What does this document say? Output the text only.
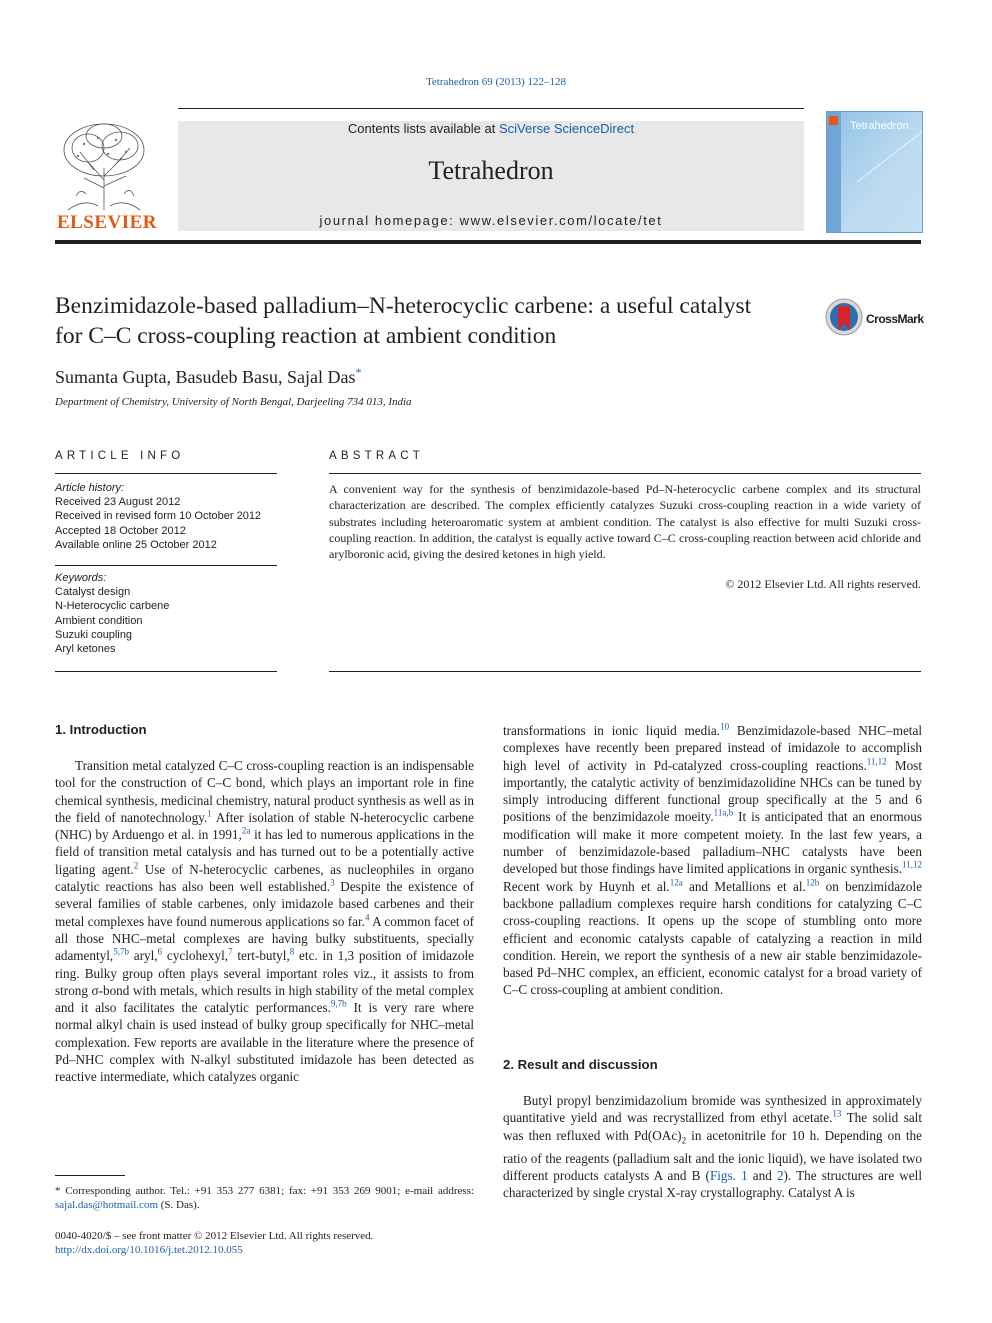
Tetrahedron 69 (2013) 122–128
ELSEVIER
Contents lists available at SciVerse ScienceDirect
Tetrahedron
journal homepage: www.elsevier.com/locate/tet
Tetrahedron
Benzimidazole-based palladium–N-heterocyclic carbene: a useful catalyst for C–C cross-coupling reaction at ambient condition
CrossMark
Sumanta Gupta, Basudeb Basu, Sajal Das*
Department of Chemistry, University of North Bengal, Darjeeling 734 013, India
ARTICLE INFO	ABSTRACT
Article history:
Received 23 August 2012
Received in revised form 10 October 2012
Accepted 18 October 2012
Available online 25 October 2012
Keywords:
Catalyst design
N-Heterocyclic carbene
Ambient condition
Suzuki coupling
Aryl ketones
A convenient way for the synthesis of benzimidazole-based Pd–N-heterocyclic carbene complex and its structural characterization are described. The complex efficiently catalyzes Suzuki cross-coupling reaction in a wide variety of substrates including heteroaromatic system at ambient condition. The catalyst is also effective for multi Suzuki cross-coupling reaction. In addition, the catalyst is equally active toward C–C cross-coupling reaction between acid chloride and arylboronic acid, giving the desired ketones in high yield.
© 2012 Elsevier Ltd. All rights reserved.
1. Introduction

Transition metal catalyzed C–C cross-coupling reaction is an indispensable tool for the construction of C–C bond, which plays an important role in fine chemical synthesis, medicinal chemistry, natural product synthesis as well as in the field of nanotechnology.$^1$ After isolation of stable N-heterocyclic carbene (NHC) by Arduengo et al. in 1991,$^{2a}$ it has led to numerous applications in the field of transition metal catalysis and has turned out to be a potentially active ligating agent.$^2$ Use of N-heterocyclic carbenes, as nucleophiles in organo catalytic reactions has also been well established.$^3$ Despite the existence of several families of stable carbenes, only imidazole based carbenes and their metal complexes have found numerous applications so far.$^4$ A common facet of all those NHC–metal complexes are having bulky substituents, specially adamentyl,$^{5,7b}$ aryl,$^6$ cyclohexyl,$^7$ tert-butyl,$^8$ etc. in 1,3 position of imidazole ring. Bulky group often plays several important roles viz., it assists to from strong σ-bond with metals, which results in high stability of the metal complex and it also facilitates the catalytic performances.$^{9,7b}$ It is very rare where normal alkyl chain is used instead of bulky group specifically for NHC–metal complexation. Few reports are available in the literature where the presence of Pd–NHC complex with N-alkyl substituted imidazole has been detected as reactive intermediate, which catalyzes organic

* Corresponding author. Tel.: +91 353 277 6381; fax: +91 353 269 9001; e-mail address: sajal.das@hotmail.com (S. Das).
0040-4020/$ – see front matter © 2012 Elsevier Ltd. All rights reserved.
http://dx.doi.org/10.1016/j.tet.2012.10.055

transformations in ionic liquid media.$^{10}$ Benzimidazole-based NHC–metal complexes have recently been prepared instead of imidazole to accomplish high level of activity in Pd-catalyzed cross-coupling reactions.$^{11,12}$ Most importantly, the catalytic activity of benzimidazolidine NHCs can be tuned by simply introducing different functional group specifically at the 5 and 6 positions of the benzimidazole moeity.$^{11a,b}$ It is anticipated that an enormous modification will make it more competent moiety. In the last few years, a number of benzimidazole-based palladium–NHC catalysts have been developed but those findings have limited applications in organic synthesis.$^{11,12}$ Recent work by Huynh et al.$^{12a}$ and Metallions et al.$^{12b}$ on benzimidazole backbone palladium complexes require harsh conditions for catalyzing C–C cross-coupling reactions. It opens up the scope of stumbling onto more efficient and economic catalysts capable of catalyzing a reaction in mild condition. Herein, we report the synthesis of a new air stable benzimidazole-based Pd–NHC complex, an efficient, economic catalyst for a broad variety of C–C cross-coupling at ambient condition.

2. Result and discussion

Butyl propyl benzimidazolium bromide was synthesized in approximately quantitative yield and was recrystallized from ethyl acetate.$^{13}$ The solid salt was then refluxed with $Pd(OAc)_2$ in acetonitrile for 10 h. Depending on the ratio of the reagents (palladium salt and the ionic liquid), we have isolated two different products catalysts A and B (Figs. 1 and 2). The structures are well characterized by single crystal X-ray crystallography. Catalyst A is
